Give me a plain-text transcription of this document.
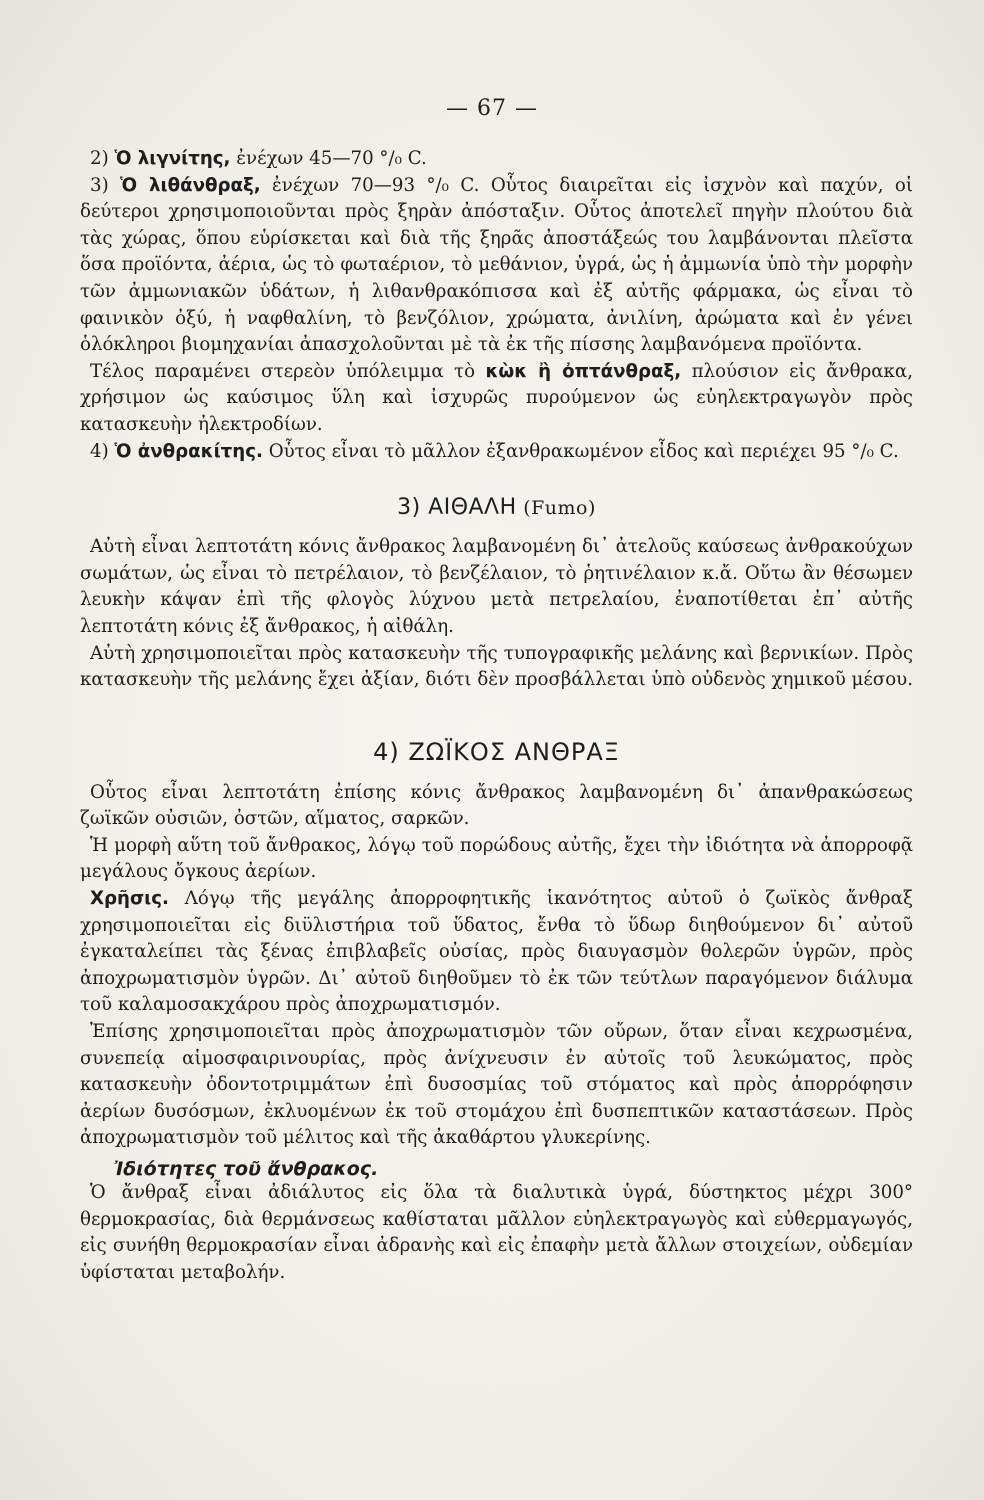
— 67 —

2) Ὁ λιγνίτης, ἐνέχων 45—70 °/₀ C.

3) Ὁ λιθάνθραξ, ἐνέχων 70—93 °/₀ C. Οὗτος διαιρεῖται εἰς ἰσχνὸν καὶ παχύν, οἱ δεύτεροι χρησιμοποιοῦνται πρὸς ξηρὰν ἀπόσταξιν. Οὗτος ἀποτελεῖ πηγὴν πλούτου διὰ τὰς χώρας, ὅπου εὑρίσκεται καὶ διὰ τῆς ξηρᾶς ἀποστάξεώς του λαμβάνονται πλεῖστα ὅσα προϊόντα, ἀέρια, ὡς τὸ φωταέριον, τὸ μεθάνιον, ὑγρά, ὡς ἡ ἀμμωνία ὑπὸ τὴν μορφὴν τῶν ἀμμωνιακῶν ὑδάτων, ἡ λιθανθρακόπισσα καὶ ἐξ αὐτῆς φάρμακα, ὡς εἶναι τὸ φαινικὸν ὀξύ, ἡ ναφθαλίνη, τὸ βενζόλιον, χρώματα, ἀνιλίνη, ἀρώματα καὶ ἐν γένει ὁλόκληροι βιομηχανίαι ἀπασχολοῦνται μὲ τὰ ἐκ τῆς πίσσης λαμβανόμενα προϊόντα.

Τέλος παραμένει στερεὸν ὑπόλειμμα τὸ κὼκ ἢ ὀπτάνθραξ, πλούσιον εἰς ἄνθρακα, χρήσιμον ὡς καύσιμος ὕλη καὶ ἰσχυρῶς πυρούμενον ὡς εὐηλεκτραγωγὸν πρὸς κατασκευὴν ἠλεκτροδίων.

4) Ὁ ἀνθρακίτης. Οὗτος εἶναι τὸ μᾶλλον ἐξανθρακωμένον εἶδος καὶ περιέχει 95 °/₀ C.

3) ΑΙΘΑΛΗ (Fumo)

Αὐτὴ εἶναι λεπτοτάτη κόνις ἄνθρακος λαμβανομένη δι᾽ ἀτελοῦς καύσεως ἀνθρακούχων σωμάτων, ὡς εἶναι τὸ πετρέλαιον, τὸ βενζέλαιον, τὸ ῥητινέλαιον κ.ἄ. Οὕτω ἂν θέσωμεν λευκὴν κάψαν ἐπὶ τῆς φλογὸς λύχνου μετὰ πετρελαίου, ἐναποτίθεται ἐπ᾽ αὐτῆς λεπτοτάτη κόνις ἐξ ἄνθρακος, ἡ αἰθάλη.

Αὐτὴ χρησιμοποιεῖται πρὸς κατασκευὴν τῆς τυπογραφικῆς μελάνης καὶ βερνικίων. Πρὸς κατασκευὴν τῆς μελάνης ἔχει ἀξίαν, διότι δὲν προσβάλλεται ὑπὸ οὐδενὸς χημικοῦ μέσου.

4) ΖΩΪΚΟΣ ΑΝΘΡΑΞ

Οὗτος εἶναι λεπτοτάτη ἐπίσης κόνις ἄνθρακος λαμβανομένη δι᾽ ἀπανθρακώσεως ζωϊκῶν οὐσιῶν, ὀστῶν, αἵματος, σαρκῶν.

Ἡ μορφὴ αὕτη τοῦ ἄνθρακος, λόγῳ τοῦ πορώδους αὐτῆς, ἔχει τὴν ἰδιότητα νὰ ἀπορροφᾷ μεγάλους ὄγκους ἀερίων.

Χρῆσις. Λόγῳ τῆς μεγάλης ἀπορροφητικῆς ἱκανότητος αὐτοῦ ὁ ζωϊκὸς ἄνθραξ χρησιμοποιεῖται εἰς διϋλιστήρια τοῦ ὕδατος, ἔνθα τὸ ὕδωρ διηθούμενον δι᾽ αὐτοῦ ἐγκαταλείπει τὰς ξένας ἐπιβλαβεῖς οὐσίας, πρὸς διαυγασμὸν θολερῶν ὑγρῶν, πρὸς ἀποχρωματισμὸν ὑγρῶν. Δι᾽ αὐτοῦ διηθοῦμεν τὸ ἐκ τῶν τεύτλων παραγόμενον διάλυμα τοῦ καλαμοσακχάρου πρὸς ἀποχρωματισμόν.

Ἐπίσης χρησιμοποιεῖται πρὸς ἀποχρωματισμὸν τῶν οὔρων, ὅταν εἶναι κεχρωσμένα, συνεπείᾳ αἱμοσφαιρινουρίας, πρὸς ἀνίχνευσιν ἐν αὐτοῖς τοῦ λευκώματος, πρὸς κατασκευὴν ὀδοντοτριμμάτων ἐπὶ δυσοσμίας τοῦ στόματος καὶ πρὸς ἀπορρόφησιν ἀερίων δυσόσμων, ἐκλυομένων ἐκ τοῦ στομάχου ἐπὶ δυσπεπτικῶν καταστάσεων. Πρὸς ἀποχρωματισμὸν τοῦ μέλιτος καὶ τῆς ἀκαθάρτου γλυκερίνης.

Ἰδιότητες τοῦ ἄνθρακος.

Ὁ ἄνθραξ εἶναι ἀδιάλυτος εἰς ὅλα τὰ διαλυτικὰ ὑγρά, δύστηκτος μέχρι 300° θερμοκρασίας, διὰ θερμάνσεως καθίσταται μᾶλλον εὐηλεκτραγωγὸς καὶ εὐθερμαγωγός, εἰς συνήθη θερμοκρασίαν εἶναι ἀδρανὴς καὶ εἰς ἐπαφὴν μετὰ ἄλλων στοιχείων, οὐδεμίαν ὑφίσταται μεταβολήν.
